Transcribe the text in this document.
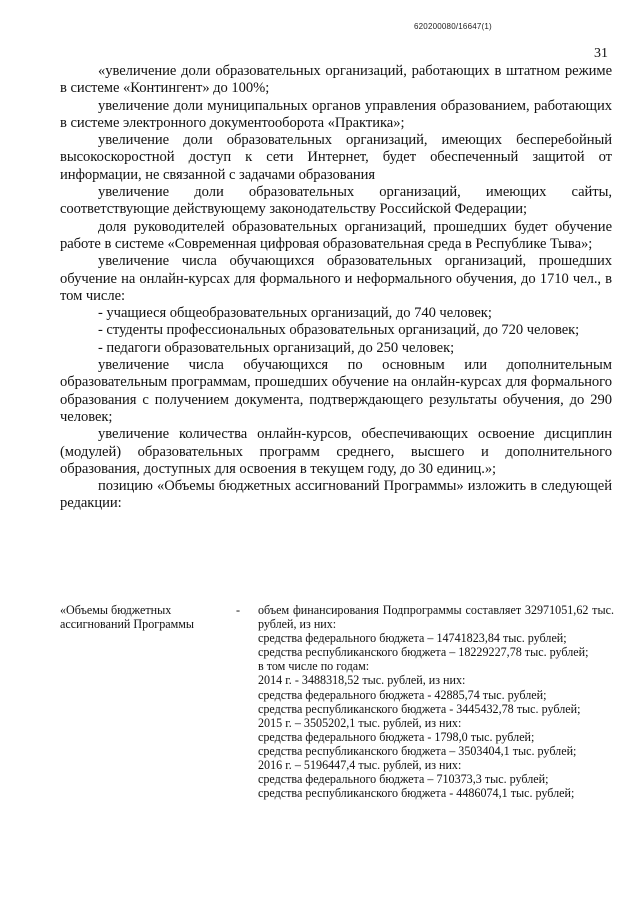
620200080/16647(1)
31

«увеличение доли образовательных организаций, работающих в штатном режиме в системе «Контингент» до 100%;

увеличение доли муниципальных органов управления образованием, работающих в системе электронного документооборота «Практика»;

увеличение доли образовательных организаций, имеющих бесперебойный высокоскоростной доступ к сети Интернет, будет обеспеченный защитой от информации, не связанной с задачами образования

увеличение доли образовательных организаций, имеющих сайты, соответствующие действующему законодательству Российской Федерации;

доля руководителей образовательных организаций, прошедших будет обучение работе в системе «Современная цифровая образовательная среда в Республике Тыва»;

увеличение числа обучающихся образовательных организаций, прошедших обучение на онлайн-курсах для формального и неформального обучения, до 1710 чел., в том числе:

- учащиеся общеобразовательных организаций, до 740 человек;

- студенты профессиональных образовательных организаций, до 720 человек;

- педагоги образовательных организаций, до 250 человек;

увеличение числа обучающихся по основным или дополнительным образовательным программам, прошедших обучение на онлайн-курсах для формального образования с получением документа, подтверждающего результаты обучения, до 290 человек;

увеличение количества онлайн-курсов, обеспечивающих освоение дисциплин (модулей) образовательных программ среднего, высшего и дополнительного образования, доступных для освоения в текущем году, до 30 единиц.»;

позицию «Объемы бюджетных ассигнований Программы» изложить в следующей редакции:

«Объемы бюджетных ассигнований Программы
-	объем финансирования Подпрограммы составляет 32971051,62 тыс. рублей, из них:

средства федерального бюджета – 14741823,84 тыс. рублей;

средства республиканского бюджета – 18229227,78 тыс. рублей;

в том числе по годам:

2014 г. - 3488318,52 тыс. рублей, из них:

средства федерального бюджета - 42885,74 тыс. рублей;

средства республиканского бюджета - 3445432,78 тыс. рублей;

2015 г. – 3505202,1 тыс. рублей, из них:

средства федерального бюджета - 1798,0 тыс. рублей;

средства республиканского бюджета – 3503404,1 тыс. рублей;

2016 г. – 5196447,4 тыс. рублей, из них:

средства федерального бюджета – 710373,3 тыс. рублей;

средства республиканского бюджета - 4486074,1 тыс. рублей;
